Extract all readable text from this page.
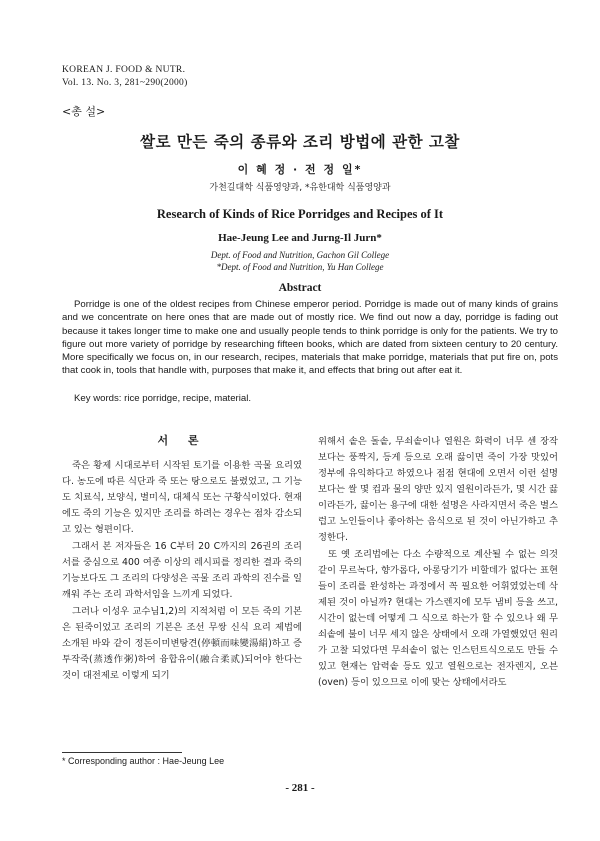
KOREAN J. FOOD & NUTR.
Vol. 13. No. 3, 281~290(2000)
<총 설>
쌀로 만든 죽의 종류와 조리 방법에 관한 고찰
이 혜 정 · 전 정 일*
가천길대학 식품영양과, *유한대학 식품영양과
Research of Kinds of Rice Porridges and Recipes of It
Hae-Jeung Lee and Jurng-Il Jurn*
Dept. of Food and Nutrition, Gachon Gil College
*Dept. of Food and Nutrition, Yu Han College
Abstract

Porridge is one of the oldest recipes from Chinese emperor period. Porridge is made out of many kinds of grains and we concentrate on here ones that are made out of mostly rice. We find out now a day, porridge is fading out because it takes longer time to make one and usually people tends to think porridge is only for the patients. We try to figure out more variety of porridge by researching fifteen books, which are dated from sixteen century to 20 century. More specifically we focus on, in our research, recipes, materials that make porridge, materials that put fire on, pots that cook in, tools that handle with, purposes that make it, and effects that bring out after eat it.

Key words: rice porridge, recipe, material.
서 론

죽은 황제 시대로부터 시작된 토기를 이용한 곡물 요리였다. 농도에 따른 식단과 죽 또는 탕으로도 불렸었고, 그 기능도 치료식, 보양식, 별미식, 대체식 또는 구황식이었다. 현재에도 죽의 기능은 있지만 조리를 하려는 경우는 점차 감소되고 있는 형편이다.

그래서 본 저자들은 16 C부터 20 C까지의 26권의 조리서를 중심으로 400 여종 이상의 레시피를 정리한 결과 죽의 기능보다도 그 조리의 다양성은 곡물 조리 과학의 진수를 일깨워 주는 조리 과학서임을 느끼게 되었다.

그러나 이성우 교수님1,2)의 지적처럼 이 모든 죽의 기본은 된죽이었고 조리의 기본은 조선 무쌍 신식 요리 제법에 소개된 바와 같이 정돈이미변탕견(停頓而味變湯絹)하고 증투작죽(蒸透作粥)하여 융합유이(融合柔贰)되어야 한다는 것이 대전제로 이렇게 되기

위해서 솥은 돌솥, 무쇠솥이나 열원은 화력이 너무 센 장작보다는 풍짝지, 등게 등으로 오래 끓이면 죽이 가장 맛있어 정부에 유익하다고 하였으나 점점 현대에 오면서 이런 설명보다는 쌀 몇 컵과 물의 양만 있지 열원이라든가, 몇 시간 끓이라든가, 끓이는 용구에 대한 설명은 사라지면서 죽은 별스럽고 노인들이나 좋아하는 음식으로 된 것이 아닌가하고 추정한다.

또 옛 조리법에는 다소 수량적으로 계산될 수 없는 의것같이 무르녹다, 향가롭다, 아롱당기가 비할데가 없다는 표현들이 조리를 완성하는 과정에서 꼭 필요한 어휘였었는데 삭제된 것이 아닐까? 현대는 가스렌지에 모두 냄비 등을 쓰고, 시간이 없는데 어떻게 그 식으로 하는가 할 수 있으나 왜 무쇠솥에 불이 너무 세지 않은 상태에서 오래 가열했었던 원리가 고찰 되었다면 무쇠솥이 없는 인스턴트식으로도 만들 수 있고 현재는 압력솥 등도 있고 열원으로는 전자렌지, 오븐(oven) 등이 있으므로 이에 맞는 상태에서라도

* Corresponding author : Hae-Jeung Lee
- 281 -
